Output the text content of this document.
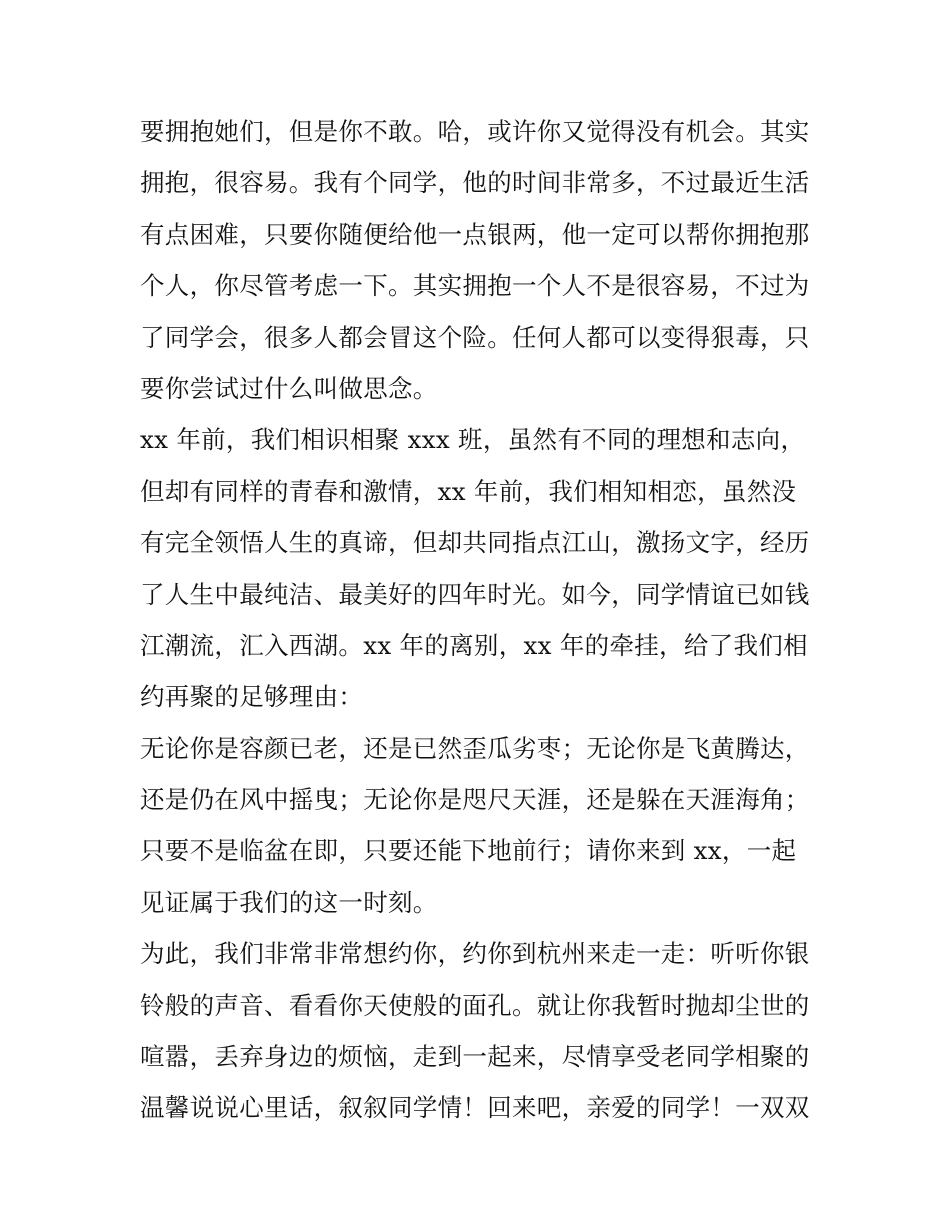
要拥抱她们，但是你不敢。哈，或许你又觉得没有机会。其实
拥抱，很容易。我有个同学，他的时间非常多，不过最近生活
有点困难，只要你随便给他一点银两，他一定可以帮你拥抱那
个人，你尽管考虑一下。其实拥抱一个人不是很容易，不过为
了同学会，很多人都会冒这个险。任何人都可以变得狠毒，只
要你尝试过什么叫做思念。
xx 年前，我们相识相聚 xxx 班，虽然有不同的理想和志向，
但却有同样的青春和激情，xx 年前，我们相知相恋，虽然没
有完全领悟人生的真谛，但却共同指点江山，激扬文字，经历
了人生中最纯洁、最美好的四年时光。如今，同学情谊已如钱
江潮流，汇入西湖。xx 年的离别，xx 年的牵挂，给了我们相
约再聚的足够理由：
无论你是容颜已老，还是已然歪瓜劣枣；无论你是飞黄腾达，
还是仍在风中摇曳；无论你是咫尺天涯，还是躲在天涯海角；
只要不是临盆在即，只要还能下地前行；请你来到 xx，一起
见证属于我们的这一时刻。
为此，我们非常非常想约你，约你到杭州来走一走：听听你银
铃般的声音、看看你天使般的面孔。就让你我暂时抛却尘世的
喧嚣，丢弃身边的烦恼，走到一起来，尽情享受老同学相聚的
温馨说说心里话，叙叙同学情！回来吧，亲爱的同学！一双双
